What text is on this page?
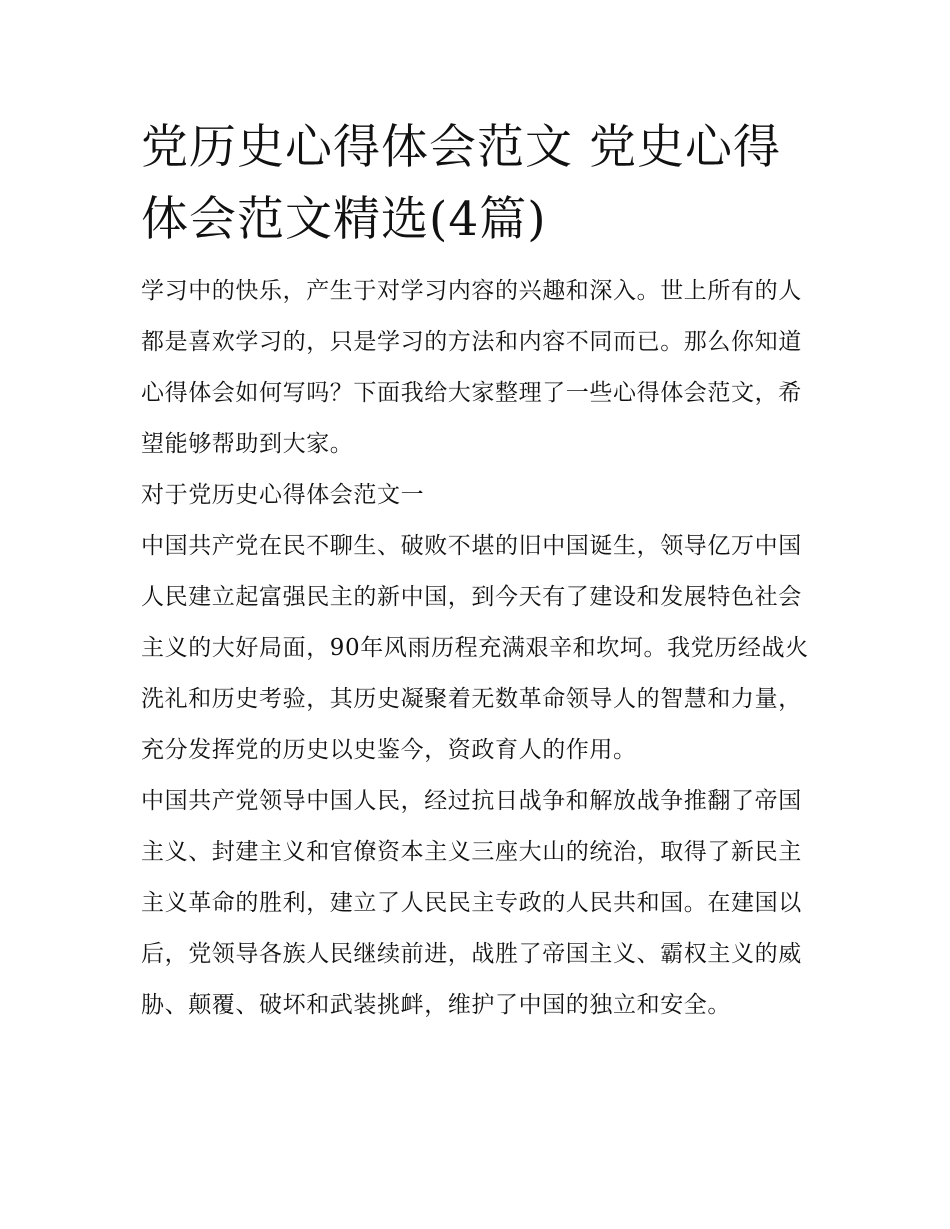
党历史心得体会范文 党史心得体会范文精选(4篇)

学习中的快乐，产生于对学习内容的兴趣和深入。世上所有的人都是喜欢学习的，只是学习的方法和内容不同而已。那么你知道心得体会如何写吗？下面我给大家整理了一些心得体会范文，希望能够帮助到大家。

对于党历史心得体会范文一

中国共产党在民不聊生、破败不堪的旧中国诞生，领导亿万中国人民建立起富强民主的新中国，到今天有了建设和发展特色社会主义的大好局面，90年风雨历程充满艰辛和坎坷。我党历经战火洗礼和历史考验，其历史凝聚着无数革命领导人的智慧和力量，充分发挥党的历史以史鉴今，资政育人的作用。

中国共产党领导中国人民，经过抗日战争和解放战争推翻了帝国主义、封建主义和官僚资本主义三座大山的统治，取得了新民主主义革命的胜利，建立了人民民主专政的人民共和国。在建国以后，党领导各族人民继续前进，战胜了帝国主义、霸权主义的威胁、颠覆、破坏和武装挑衅，维护了中国的独立和安全。
